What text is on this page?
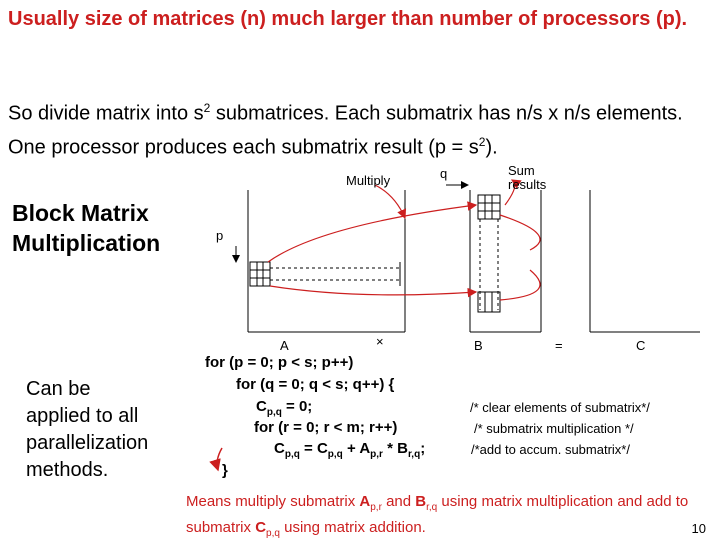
Usually size of matrices (n) much larger than number of processors (p).
So divide matrix into $s^2$ submatrices. Each submatrix has n/s x n/s elements. One processor produces each submatrix result $(p = s^2)$.
Block Matrix
Multiplication
Multiply	q	Sum
results
p
A	×	B	=	C
Can be
applied to all
parallelization
methods.
for (p = 0; p < s; p++)
for (q = 0; q < s; q++) {
$C_{p,q} = 0$;
for (r = 0; r < m; r++)
$C_{p,q} = C_{p,q} + A_{p,r} * B_{r,q}$;
}
/* clear elements of submatrix*/
/* submatrix multiplication */
/*add to accum. submatrix*/
Means multiply submatrix $A_{p,r}$ and $B_{r,q}$ using matrix multiplication and add to submatrix $C_{p,q}$ using matrix addition.	10
